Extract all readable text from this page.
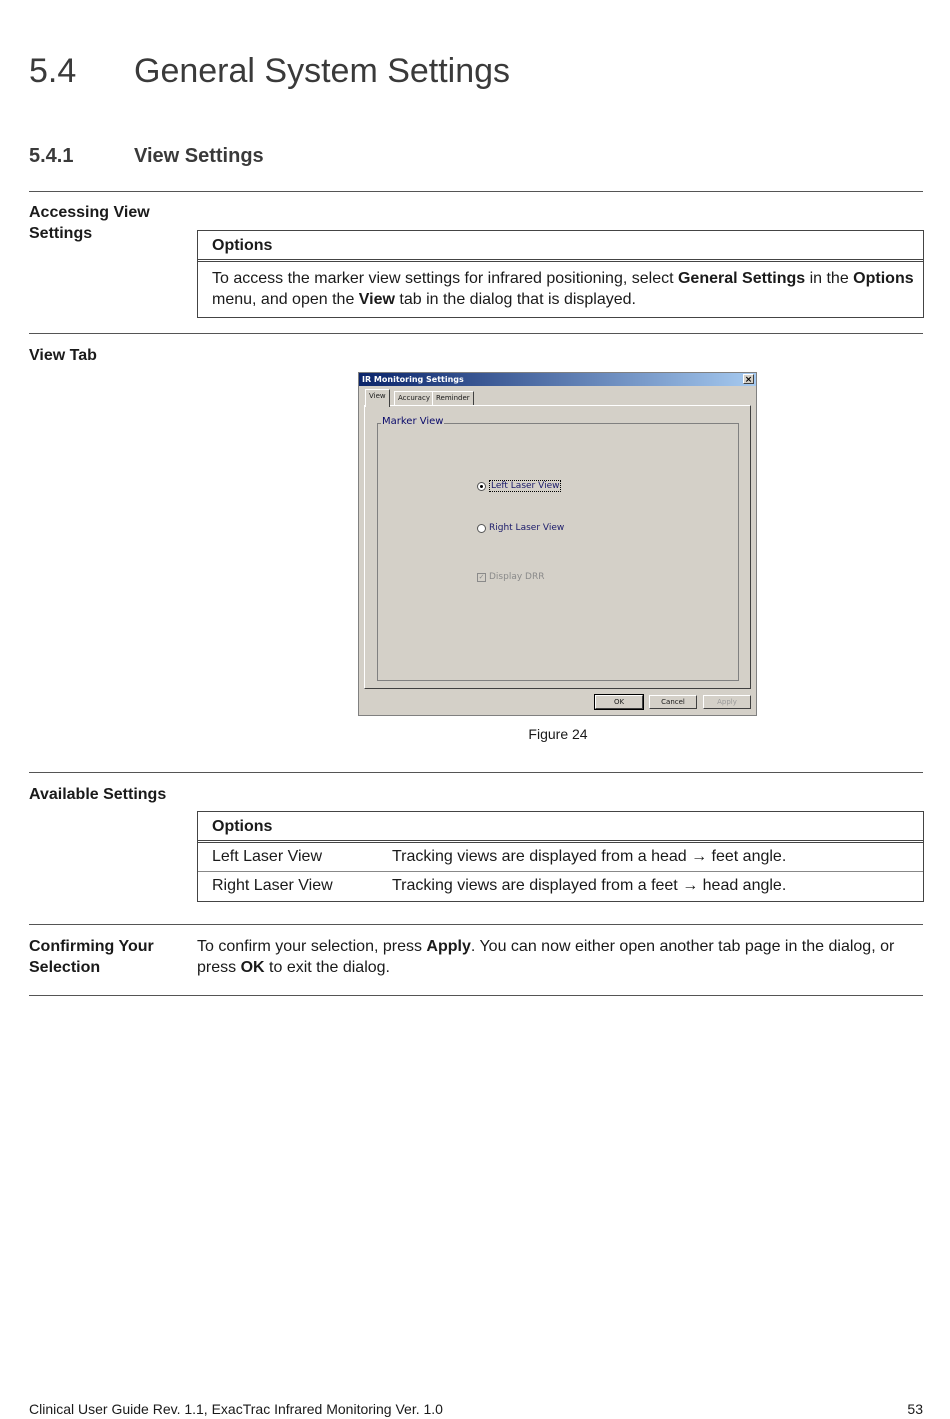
5.4 General System Settings
5.4.1	View Settings
Accessing View Settings
Options
To access the marker view settings for infrared positioning, select General Settings in the Options menu, and open the View tab in the dialog that is displayed.
View Tab
IR Monitoring Settings	×
View	Accuracy Reminder
Marker View
Left Laser View
Right Laser View
✓ Display DRR
OK	Cancel	Apply
Figure 24
Available Settings
Options
Left Laser View	Tracking views are displayed from a head → feet angle.
Right Laser View	Tracking views are displayed from a feet → head angle.
Confirming Your Selection
To confirm your selection, press Apply. You can now either open another tab page in the dialog, or press OK to exit the dialog.
Clinical User Guide Rev. 1.1, ExacTrac Infrared Monitoring Ver. 1.0	53
